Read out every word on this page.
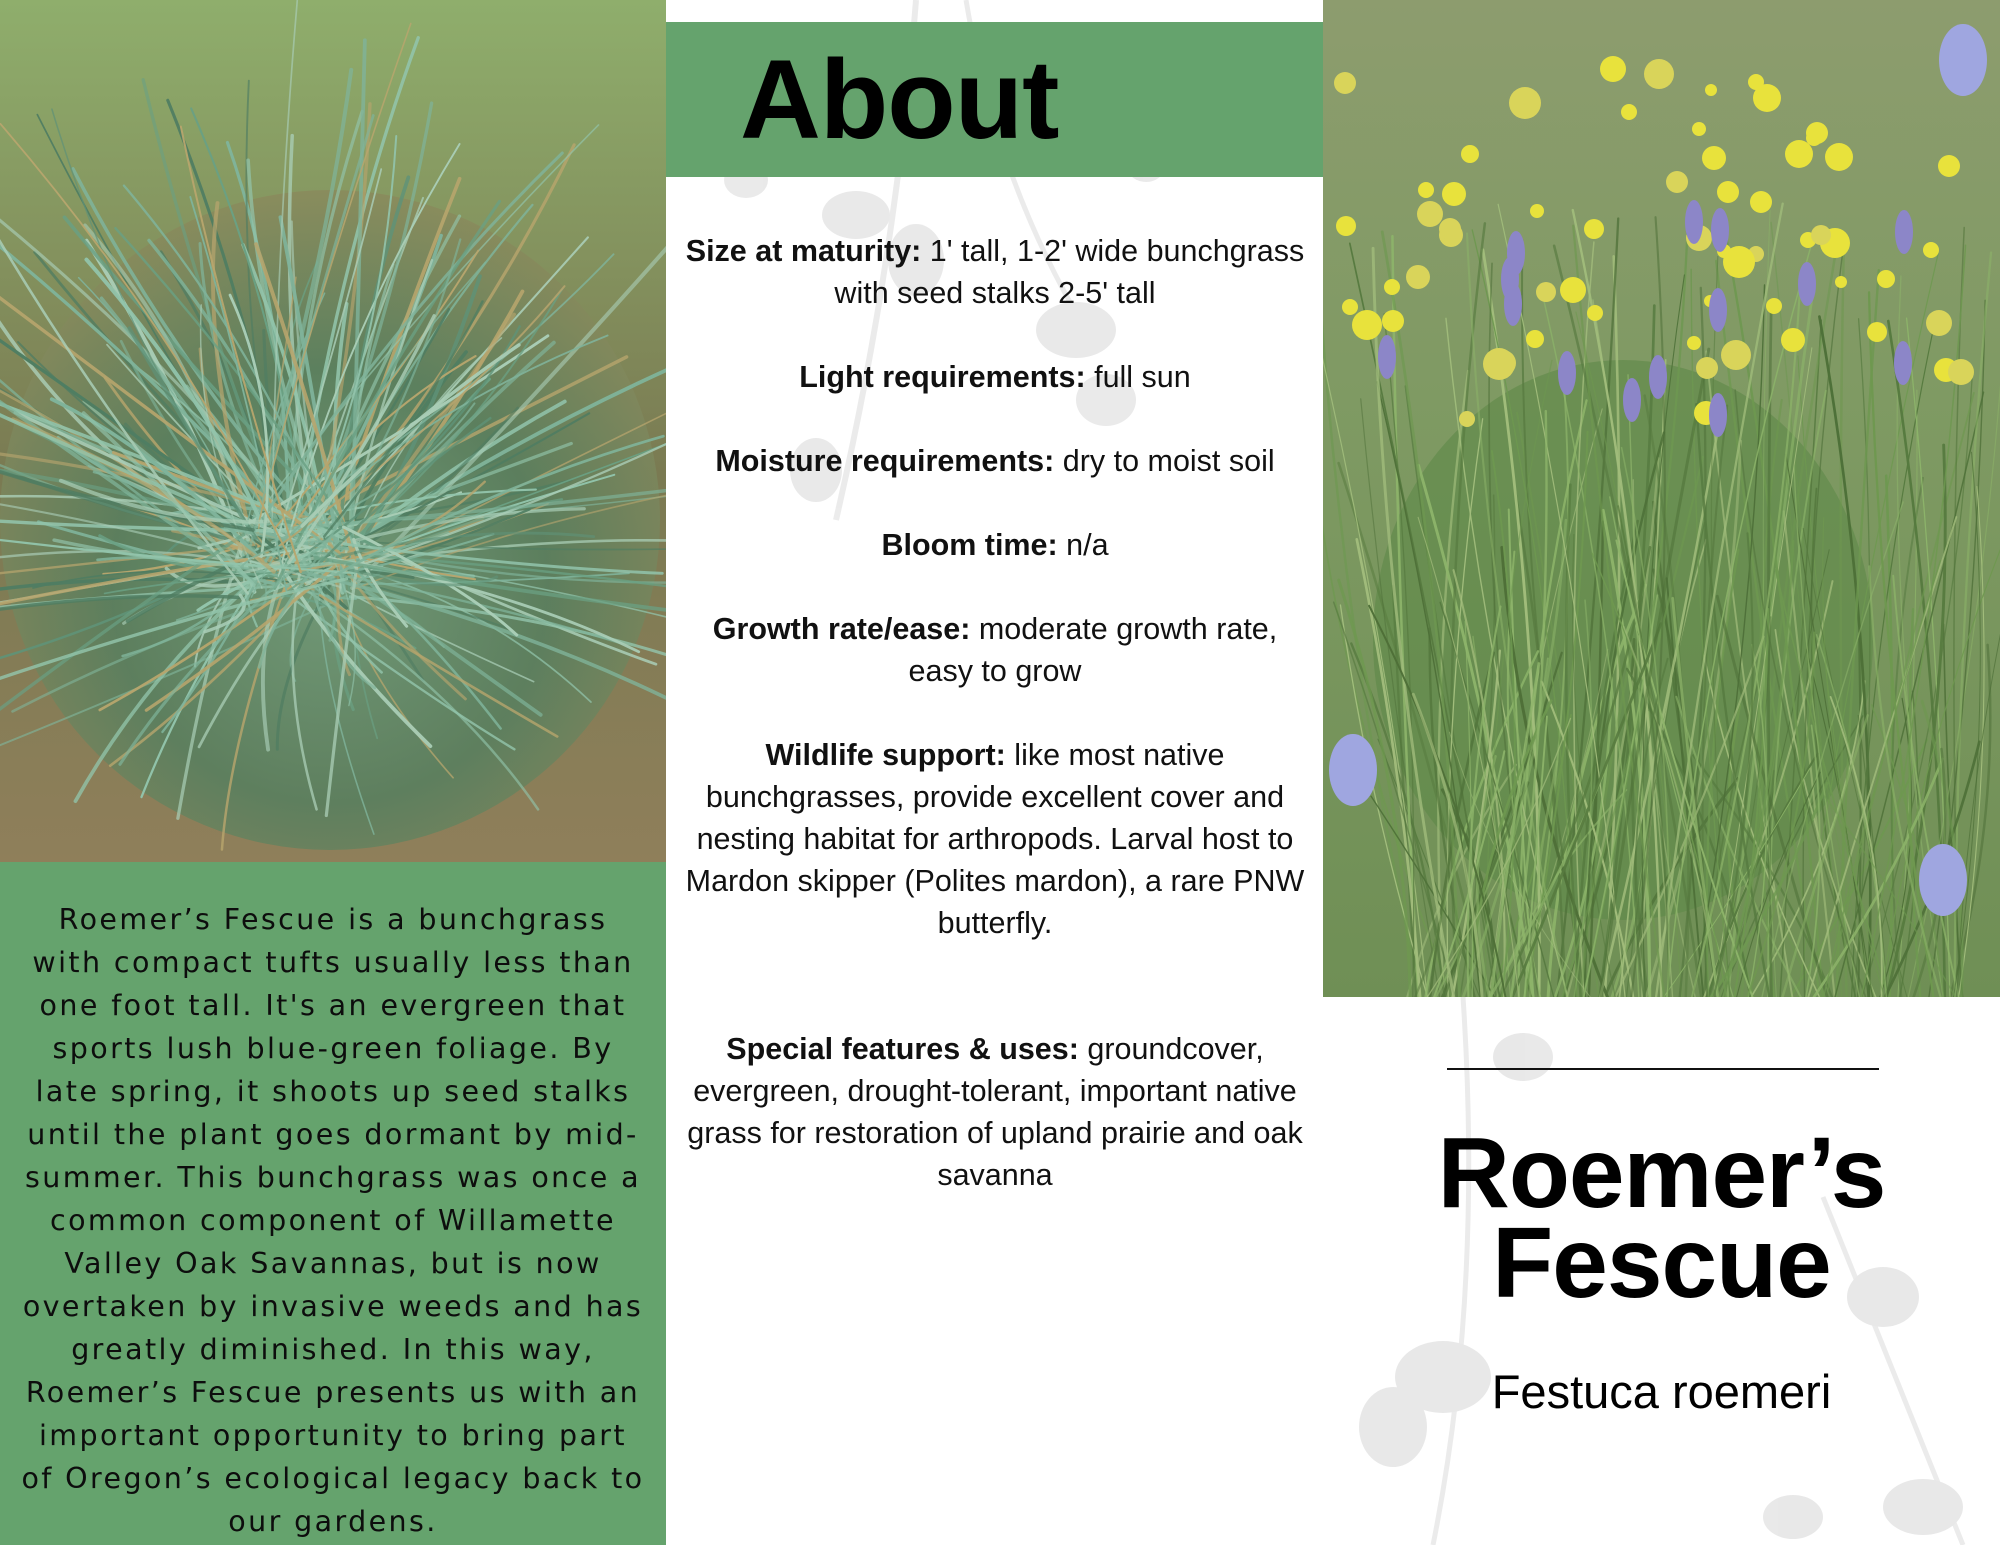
Roemer’s Fescue is a bunchgrass with compact tufts usually less than one foot tall. It's an evergreen that sports lush blue-green foliage. By late spring, it shoots up seed stalks until the plant goes dormant by mid-summer. This bunchgrass was once a common component of Willamette Valley Oak Savannas, but is now overtaken by invasive weeds and has greatly diminished. In this way, Roemer’s Fescue presents us with an important opportunity to bring part of Oregon’s ecological legacy back to our gardens.

About
Size at maturity: 1' tall, 1-2' wide bunchgrass with seed stalks 2-5' tall
Light requirements: full sun
Moisture requirements: dry to moist soil
Bloom time: n/a
Growth rate/ease: moderate growth rate, easy to grow
Wildlife support: like most native bunchgrasses, provide excellent cover and nesting habitat for arthropods. Larval host to Mardon skipper (Polites mardon), a rare PNW butterfly.
Special features & uses: groundcover, evergreen, drought-tolerant, important native grass for restoration of upland prairie and oak savanna	Roemer’s
Fescue

Festuca roemeri
